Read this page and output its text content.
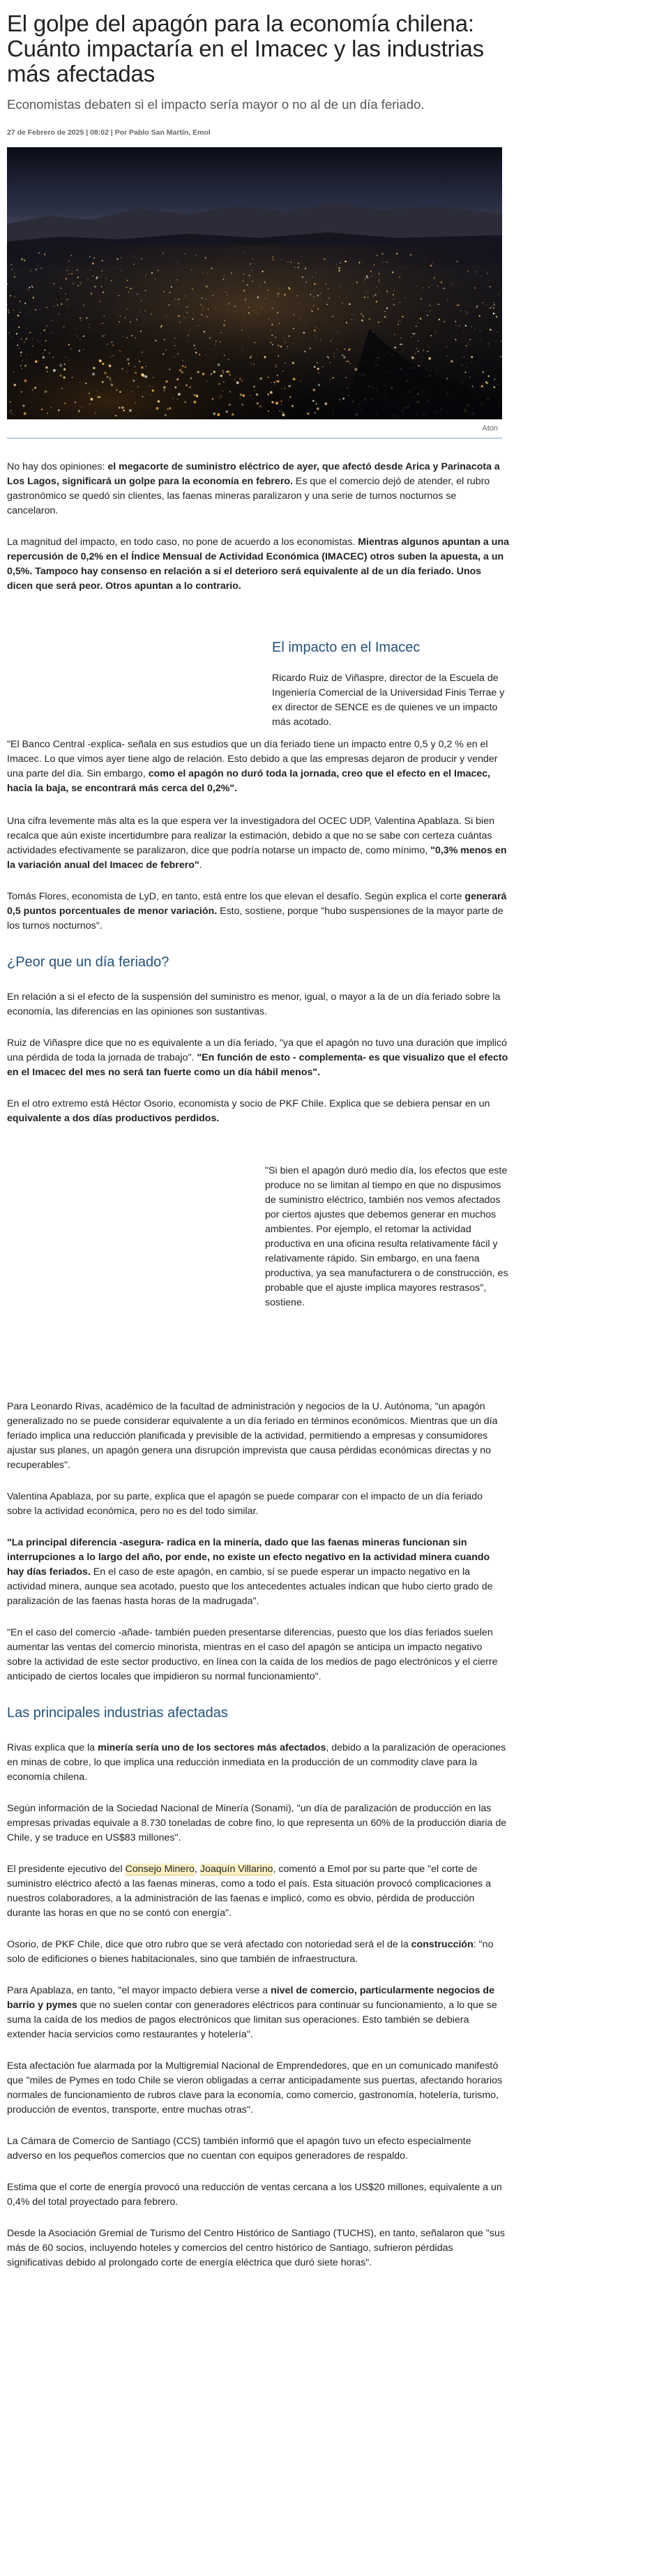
El golpe del apagón para la economía chilena: Cuánto impactaría en el Imacec y las industrias más afectadas
Economistas debaten si el impacto sería mayor o no al de un día feriado.
27 de Febrero de 2025 | 08:02 | Por Pablo San Martín, Emol
Aton

No hay dos opiniones: el megacorte de suministro eléctrico de ayer, que afectó desde Arica y Parinacota a Los Lagos, significará un golpe para la economía en febrero. Es que el comercio dejó de atender, el rubro gastronómico se quedó sin clientes, las faenas mineras paralizaron y una serie de turnos nocturnos se cancelaron.

La magnitud del impacto, en todo caso, no pone de acuerdo a los economistas. Mientras algunos apuntan a una repercusión de 0,2% en el Índice Mensual de Actividad Económica (IMACEC) otros suben la apuesta, a un 0,5%. Tampoco hay consenso en relación a si el deterioro será equivalente al de un día feriado. Unos dicen que será peor. Otros apuntan a lo contrario.

El impacto en el Imacec

Ricardo Ruiz de Viñaspre, director de la Escuela de Ingeniería Comercial de la Universidad Finis Terrae y ex director de SENCE es de quienes ve un impacto más acotado.

"El Banco Central -explica- señala en sus estudios que un día feriado tiene un impacto entre 0,5 y 0,2 % en el Imacec. Lo que vimos ayer tiene algo de relación. Esto debido a que las empresas dejaron de producir y vender una parte del día. Sin embargo, como el apagón no duró toda la jornada, creo que el efecto en el Imacec, hacia la baja, se encontrará más cerca del 0,2%".

Una cifra levemente más alta es la que espera ver la investigadora del OCEC UDP, Valentina Apablaza. Si bien recalca que aún existe incertidumbre para realizar la estimación, debido a que no se sabe con certeza cuántas actividades efectivamente se paralizaron, dice que podría notarse un impacto de, como mínimo, "0,3% menos en la variación anual del Imacec de febrero".

Tomás Flores, economista de LyD, en tanto, está entre los que elevan el desafío. Según explica el corte generará 0,5 puntos porcentuales de menor variación. Esto, sostiene, porque "hubo suspensiones de la mayor parte de los turnos nocturnos".

¿Peor que un día feriado?

En relación a si el efecto de la suspensión del suministro es menor, igual, o mayor a la de un día feriado sobre la economía, las diferencias en las opiniones son sustantivas.

Ruiz de Viñaspre dice que no es equivalente a un día feriado, "ya que el apagón no tuvo una duración que implicó una pérdida de toda la jornada de trabajo". "En función de esto - complementa- es que visualizo que el efecto en el Imacec del mes no será tan fuerte como un día hábil menos".

En el otro extremo está Héctor Osorio, economista y socio de PKF Chile. Explica que se debiera pensar en un equivalente a dos días productivos perdidos.

"Si bien el apagón duró medio día, los efectos que este produce no se limitan al tiempo en que no dispusimos de suministro eléctrico, también nos vemos afectados por ciertos ajustes que debemos generar en muchos ambientes. Por ejemplo, el retomar la actividad productiva en una oficina resulta relativamente fácil y relativamente rápido. Sin embargo, en una faena productiva, ya sea manufacturera o de construcción, es probable que el ajuste implica mayores restrasos", sostiene.

Para Leonardo Rivas, académico de la facultad de administración y negocios de la U. Autónoma, "un apagón generalizado no se puede considerar equivalente a un día feriado en términos económicos. Mientras que un día feriado implica una reducción planificada y previsible de la actividad, permitiendo a empresas y consumidores ajustar sus planes, un apagón genera una disrupción imprevista que causa pérdidas económicas directas y no recuperables".

Valentina Apablaza, por su parte, explica que el apagón se puede comparar con el impacto de un día feriado sobre la actividad económica, pero no es del todo similar.

"La principal diferencia -asegura- radica en la minería, dado que las faenas mineras funcionan sin interrupciones a lo largo del año, por ende, no existe un efecto negativo en la actividad minera cuando hay días feriados. En el caso de este apagón, en cambio, sí se puede esperar un impacto negativo en la actividad minera, aunque sea acotado, puesto que los antecedentes actuales indican que hubo cierto grado de paralización de las faenas hasta horas de la madrugada".

"En el caso del comercio -añade- también pueden presentarse diferencias, puesto que los días feriados suelen aumentar las ventas del comercio minorista, mientras en el caso del apagón se anticipa un impacto negativo sobre la actividad de este sector productivo, en línea con la caída de los medios de pago electrónicos y el cierre anticipado de ciertos locales que impidieron su normal funcionamiento".

Las principales industrias afectadas

Rivas explica que la minería sería uno de los sectores más afectados, debido a la paralización de operaciones en minas de cobre, lo que implica una reducción inmediata en la producción de un commodity clave para la economía chilena.

Según información de la Sociedad Nacional de Minería (Sonami), "un día de paralización de producción en las empresas privadas equivale a 8.730 toneladas de cobre fino, lo que representa un 60% de la producción diaria de Chile, y se traduce en US$83 millones".

El presidente ejecutivo del Consejo Minero, Joaquín Villarino, comentó a Emol por su parte que "el corte de suministro eléctrico afectó a las faenas mineras, como a todo el país. Esta situación provocó complicaciones a nuestros colaboradores, a la administración de las faenas e implicó, como es obvio, pérdida de producción durante las horas en que no se contó con energía".

Osorio, de PKF Chile, dice que otro rubro que se verá afectado con notoriedad será el de la construcción: "no solo de edificiones o bienes habitacionales, sino que también de infraestructura.

Para Apablaza, en tanto, "el mayor impacto debiera verse a nivel de comercio, particularmente negocios de barrio y pymes que no suelen contar con generadores eléctricos para continuar su funcionamiento, a lo que se suma la caída de los medios de pagos electrónicos que limitan sus operaciones. Esto también se debiera extender hacia servicios como restaurantes y hotelería".

Esta afectación fue alarmada por la Multigremial Nacional de Emprendedores, que en un comunicado manifestó que "miles de Pymes en todo Chile se vieron obligadas a cerrar anticipadamente sus puertas, afectando horarios normales de funcionamiento de rubros clave para la economía, como comercio, gastronomía, hotelería, turismo, producción de eventos, transporte, entre muchas otras".

La Cámara de Comercio de Santiago (CCS) también informó que el apagón tuvo un efecto especialmente adverso en los pequeños comercios que no cuentan con equipos generadores de respaldo.

Estima que el corte de energía provocó una reducción de ventas cercana a los US$20 millones, equivalente a un 0,4% del total proyectado para febrero.

Desde la Asociación Gremial de Turismo del Centro Histórico de Santiago (TUCHS), en tanto, señalaron que "sus más de 60 socios, incluyendo hoteles y comercios del centro histórico de Santiago, sufrieron pérdidas significativas debido al prolongado corte de energía eléctrica que duró siete horas".
